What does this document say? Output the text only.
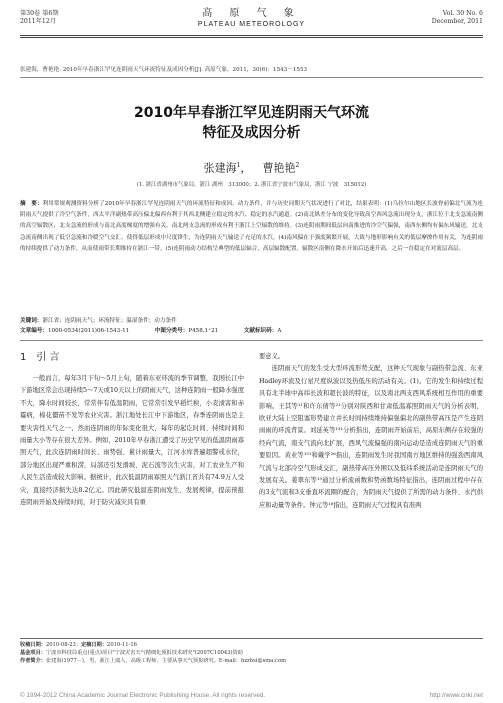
第30卷 第6期
2011年12月
高 原 气 象
PLATEAU METEOROLOGY
Vol. 30 No. 6
December, 2011
张建海，曹艳艳. 2010年早春浙江罕见连阴雨天气环流特征及成因分析[J]. 高原气象，2011，30(6)：1543－1553
2010年早春浙江罕见连阴雨天气环流
特征及成因分析
张建海$^1$，  曹艳艳$^2$
(1. 浙江省湖州市气象局，浙江 湖州　313000；2. 浙江省宁波市气象局，浙江 宁波　315012)
摘　要：利用常规观测资料分析了2010年早春浙江罕见连阴雨天气的环流特征和成因，动力条件，并与历史同期天气状况进行了对比，结果表明：(1)乌拉尔山地区长波脊前偏北气流为连阴雨天气提供了冷空气条件，西太平洋副热带高压偏北偏西有利于其西北侧建立稳定的水汽、稳定的水汽通道。(2)南北纵差分布的变化导致高空西风急流出现分支，浙江位于北支急流南侧的高空辐散区，北支急流的形成与南北高度梯度的增强有关，南北两支急流的形成有利于浙江上空辐散的维持。(3)连阴雨期间低层向南推进的冷空气偏强，南西东侧均有偏东风输送，北支急流南侧出现了低空急流和冷暖空气交汇，使得低层形成中尺度锋生，为连阴雨天气输送了充足的水汽。(4)南风偏在于强度频繁开展，大致与地形影响有关的低层摩擦作用有关，为连阴雨的持续提供了动力条件，从而使雨带长期维持在浙江一带。(5)连阴雨动力结构呈典型的低层辐合、高层辐散配置，辐散区南侧在降水开始后迅速升高，之后一直稳定在对流层高层。
关键词：浙江省；连阴雨天气；环流特征；温湿条件；动力条件
文章编号：1000-0534(2011)06-1543-11	中图分类号：P458.1⁺21	文献标识码：A
1  引 言

一般而言，每年3月下旬～5月上旬，随着东亚环流的季节调整，我国长江中下游地区常会出现持续5～7天或10天以上的阴雨天气，这种连阴雨一般降水强度不大，降水时间较长，常常伴有低温阴雨，它常常引发早稻烂秧，小麦渍害和赤霉病，棉花僵苗不发等农业灾害。浙江地处长江中下游地区，春季连阴雨也是主要灾害性天气之一，然而连阴雨的年际变化很大，每年的起讫时间、持续时间和雨量大小等存在很大差异。例如，2010年早春浙江遭受了历史罕见的低温阴雨寡照天气，此次连阴雨时间长、雨势强、累计雨量大，江河水库普遍超警戒水位，部分地区出现严重积涝，局部还引发滑坡、泥石流等次生灾害，对工农业生产和人民生活造成较大影响。据统计，此次低温阴雨寡照天气浙江省共有74.9万人受灾，直接经济损失达8.2亿元。因此研究低温连阴雨发生、发展规律，提前预报连阴雨开始及持续时间，对于防灾减灾具有重

要意义。

连阴雨天气的发生受大型环流形势支配，这种天气现象与副热带急流、东亚Hadley环流及行星尺度纵波以及热低压的活动有关。(1)。它的发生和持续过程具有北半球中高纬长波和超长波的特征，以及南北两支西风系统相互作用的重要影响。王其等¹¹和许东倩等²¹分别对陕西和甘肃低温寡照阴雨天气的分析表明，欧亚大陆上空阻塞形势建立并长时间持续维持偏强偏北的副热带高压是产生连阴雨雨的环流背景。刘延英等¹³¹分析指出，连阴雨开始前后，高原东侧存在较强的经向气流，南支气流向北扩展，西风气流偏强的南向运动是造成连阴雨天气的重要原因。黄业等¹⁵¹和戴学²⁶指出，连阴雨发生时我国南方地区维持的强劲西南风气流与北部冷空气形成交汇，副热带高压外围以及低纬系统活动是连阴雨天气的发展有关。姜翠东等¹⁹通过分析流函数和势函数场特征指出，连阴雨过程中存在的3支气流和3支垂直环流圈的配合，为阴雨天气提供了所需的动力条件、水汽供应和动量等条件。钟元等¹⁸指出，连阴雨天气过程具有准两

收稿日期：2010-08-23；定稿日期：2010-11-16
基金项目：宁波市科技局重点(重点)项目"宁波灾害天气精细化预报技术研究"(2007C10043)资助
作者简介：张建海(1977－)，男，浙江上虞人，高级工程师，主要从事天气预报研究。E-mail：hzzhsi@sina.com
© 1994-2012 China Academic Journal Electronic Publishing House. All rights reserved.	http://www.cnki.net
